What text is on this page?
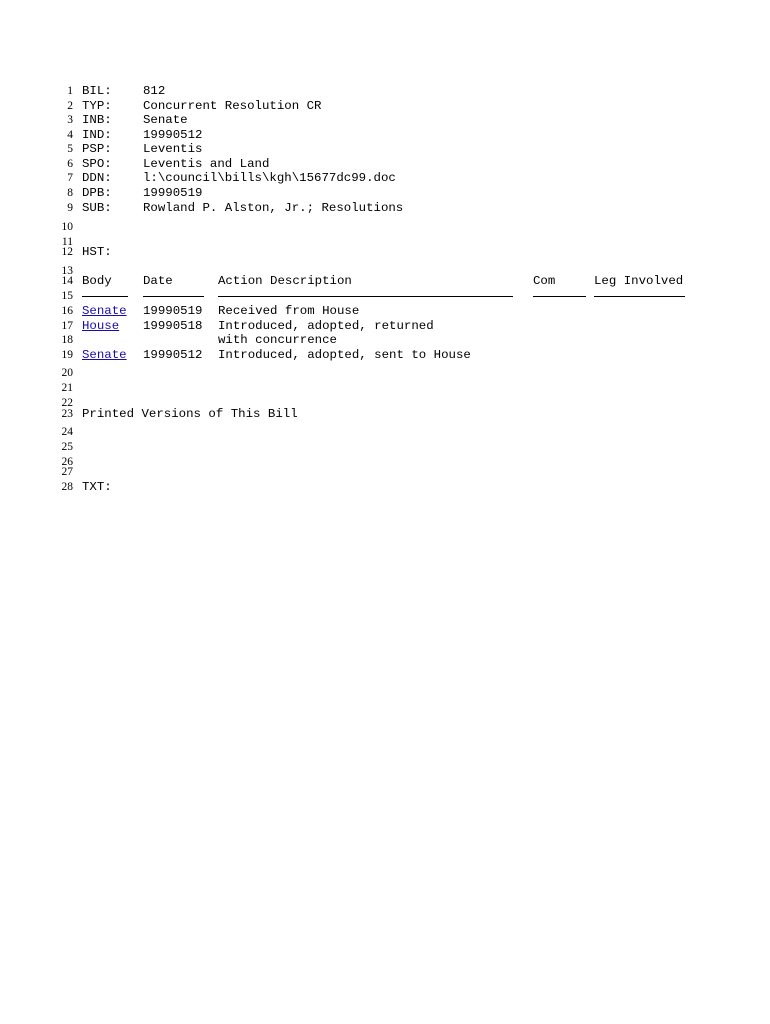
1 BIL:	812
2 TYP:	Concurrent Resolution CR
3 INB:	Senate
4 IND:	19990512
5 PSP:	Leventis
6 SPO:	Leventis and Land
7 DDN:	l:\council\bills\kgh\15677dc99.doc
8 DPB:	19990519
9 SUB:	Rowland P. Alston, Jr.; Resolutions
10
11
12 HST:
13
14 Body	Date	Action Description	Com	Leg Involved
15
16 Senate 19990519 Received from House
17 House 19990518 Introduced, adopted, returned
18	with concurrence
19 Senate 19990512 Introduced, adopted, sent to House
20
21
22
23 Printed Versions of This Bill
24
25
26
27
28 TXT:
